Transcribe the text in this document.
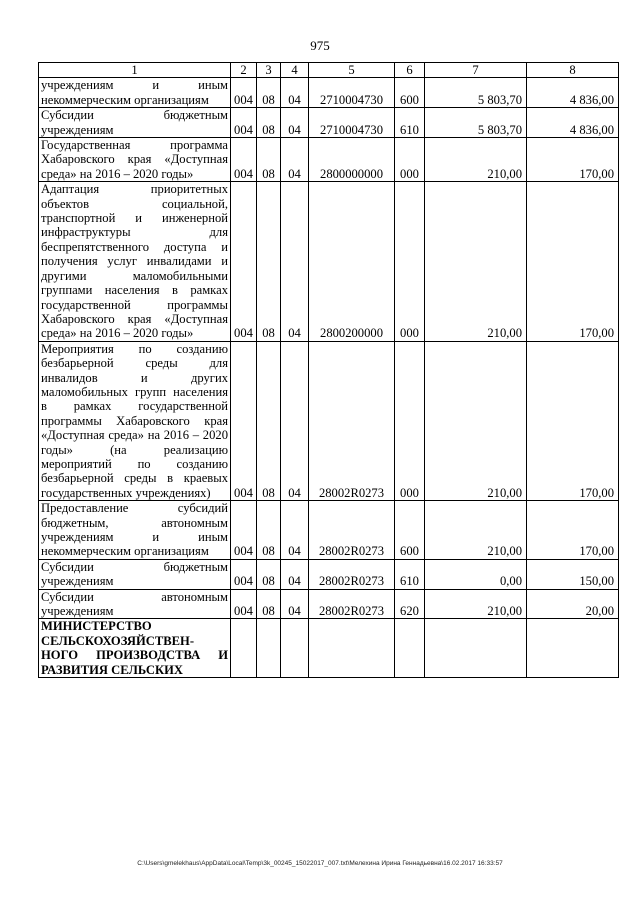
975
1	2	3	4	5	6	7	8
учреждениям и иным некоммерческим организациям	004	08	04	2710004730	600	5 803,70	4 836,00
Субсидии бюджетным учреждениям	004	08	04	2710004730	610	5 803,70	4 836,00
Государственная программа Хабаровского края «Доступная среда» на 2016 – 2020 годы»	004	08	04	2800000000	000	210,00	170,00
Адаптация приоритетных объектов социальной, транспортной и инженерной инфраструктуры для беспрепятственного доступа и получения услуг инвалидами и другими маломобильными группами населения в рамках государственной программы Хабаровского края «Доступная среда» на 2016 – 2020 годы»	004	08	04	2800200000	000	210,00	170,00
Мероприятия по созданию безбарьерной среды для инвалидов и других маломобильных групп населения в рамках государственной программы Хабаровского края «Доступная среда» на 2016 – 2020 годы» (на реализацию мероприятий по созданию безбарьерной среды в краевых государственных учреждениях)	004	08	04	28002R0273	000	210,00	170,00
Предоставление субсидий бюджетным, автономным учреждениям и иным некоммерческим организациям	004	08	04	28002R0273	600	210,00	170,00
Субсидии бюджетным учреждениям	004	08	04	28002R0273	610	0,00	150,00
Субсидии автономным учреждениям	004	08	04	28002R0273	620	210,00	20,00
МИНИСТЕРСТВО СЕЛЬСКОХОЗЯЙСТВЕН-НОГО ПРОИЗВОДСТВА И РАЗВИТИЯ СЕЛЬСКИХ							
C:\Users\gmelekhaus\AppData\Local\Temp\3k_00245_15022017_007.txt\Мелехина Ирина Геннадьевна\16.02.2017 16:33:57
